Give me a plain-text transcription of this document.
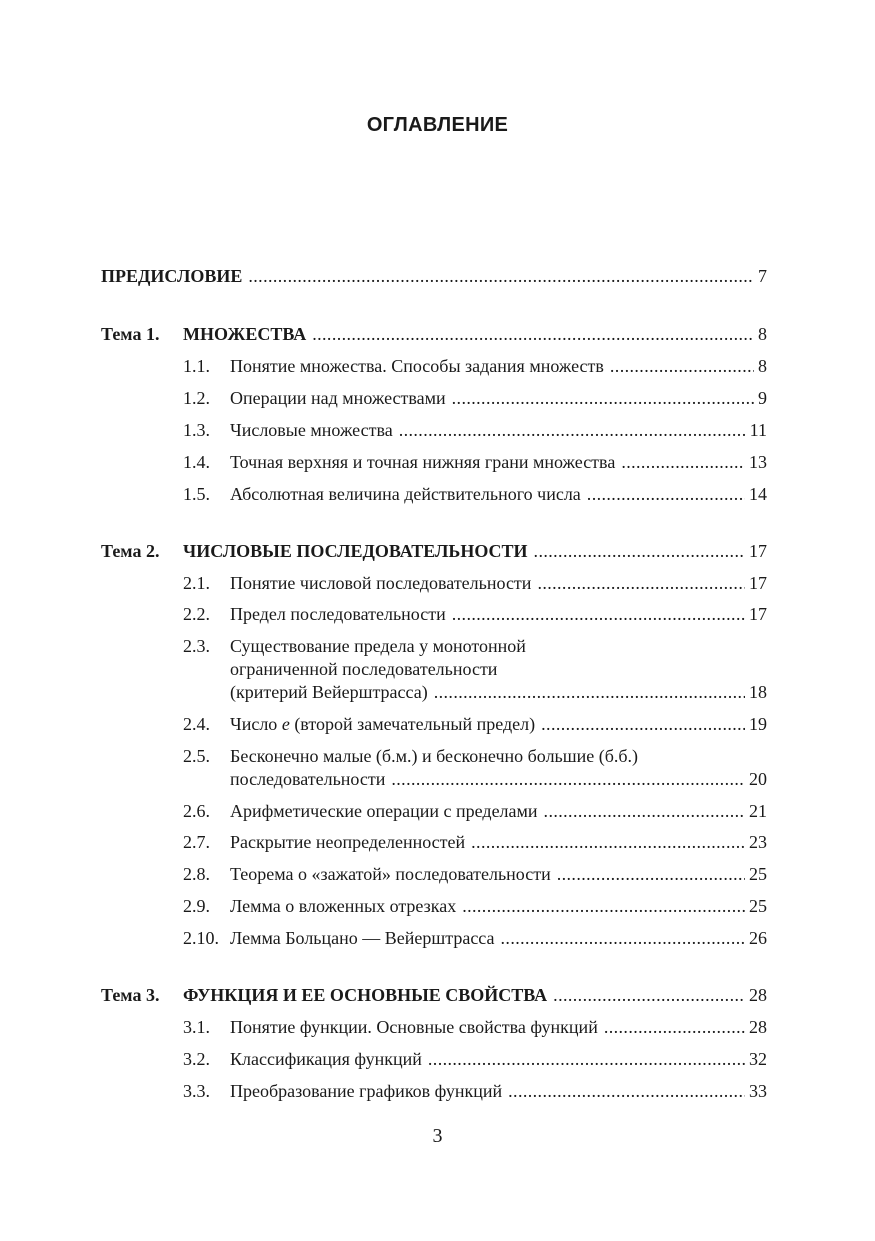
ОГЛАВЛЕНИЕ
ПРЕДИСЛОВИЕ .....	7
Тема 1. МНОЖЕСТВА .....	8
1.1. Понятие множества. Способы задания множеств .....	8
1.2. Операции над множествами .....	9
1.3. Числовые множества .....	11
1.4. Точная верхняя и точная нижняя грани множества .....	13
1.5. Абсолютная величина действительного числа .....	14
Тема 2. ЧИСЛОВЫЕ ПОСЛЕДОВАТЕЛЬНОСТИ .....	17
2.1. Понятие числовой последовательности .....	17
2.2. Предел последовательности .....	17
2.3. Существование предела у монотонной
ограниченной последовательности
(критерий Вейерштрасса) .....	18
2.4. Число e (второй замечательный предел) .....	19
2.5. Бесконечно малые (б.м.) и бесконечно большие (б.б.)
последовательности .....	20
2.6. Арифметические операции с пределами .....	21
2.7. Раскрытие неопределенностей .....	23
2.8. Теорема о «зажатой» последовательности .....	25
2.9. Лемма о вложенных отрезках .....	25
2.10. Лемма Больцано — Вейерштрасса .....	26
Тема 3. ФУНКЦИЯ И ЕЕ ОСНОВНЫЕ СВОЙСТВА .....	28
3.1. Понятие функции. Основные свойства функций .....	28
3.2. Классификация функций .....	32
3.3. Преобразование графиков функций .....	33
3
